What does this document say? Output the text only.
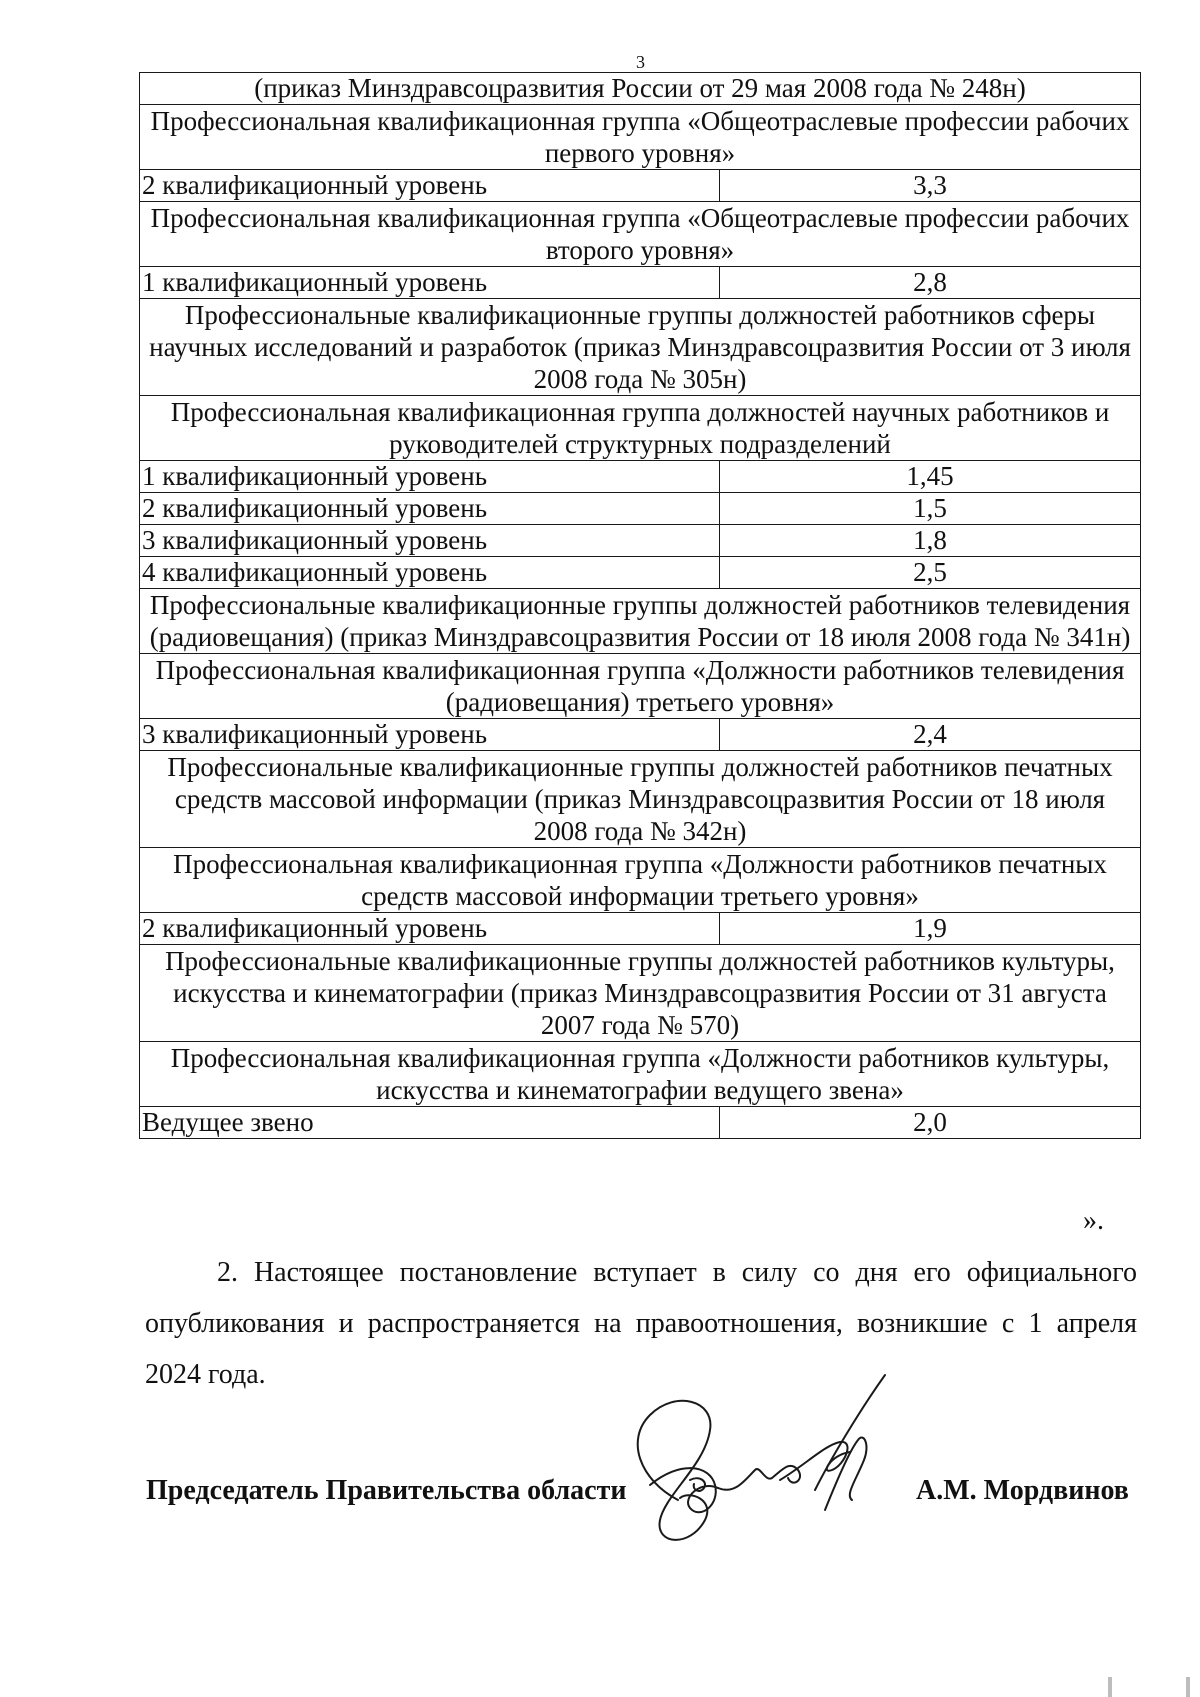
3
(приказ Минздравсоцразвития России от 29 мая 2008 года № 248н)	
Профессиональная квалификационная группа «Общеотраслевые профессии рабочих первого уровня»	
2 квалификационный уровень	3,3
Профессиональная квалификационная группа «Общеотраслевые профессии рабочих второго уровня»	
1 квалификационный уровень	2,8
Профессиональные квалификационные группы должностей работников сферы научных исследований и разработок (приказ Минздравсоцразвития России от 3 июля 2008 года № 305н)	
Профессиональная квалификационная группа должностей научных работников и руководителей структурных подразделений	
1 квалификационный уровень	1,45
2 квалификационный уровень	1,5
3 квалификационный уровень	1,8
4 квалификационный уровень	2,5
Профессиональные квалификационные группы должностей работников телевидения (радиовещания) (приказ Минздравсоцразвития России от 18 июля 2008 года № 341н)	
Профессиональная квалификационная группа «Должности работников телевидения (радиовещания) третьего уровня»	
3 квалификационный уровень	2,4
Профессиональные квалификационные группы должностей работников печатных средств массовой информации (приказ Минздравсоцразвития России от 18 июля 2008 года № 342н)	
Профессиональная квалификационная группа «Должности работников печатных средств массовой информации третьего уровня»	
2 квалификационный уровень	1,9
Профессиональные квалификационные группы должностей работников культуры, искусства и кинематографии (приказ Минздравсоцразвития России от 31 августа 2007 года № 570)	
Профессиональная квалификационная группа «Должности работников культуры, искусства и кинематографии ведущего звена»	
Ведущее звено	2,0
».
2. Настоящее постановление вступает в силу со дня его официального опубликования и распространяется на правоотношения, возникшие с 1 апреля 2024 года.
Председатель Правительства области	А.М. Мордвинов
